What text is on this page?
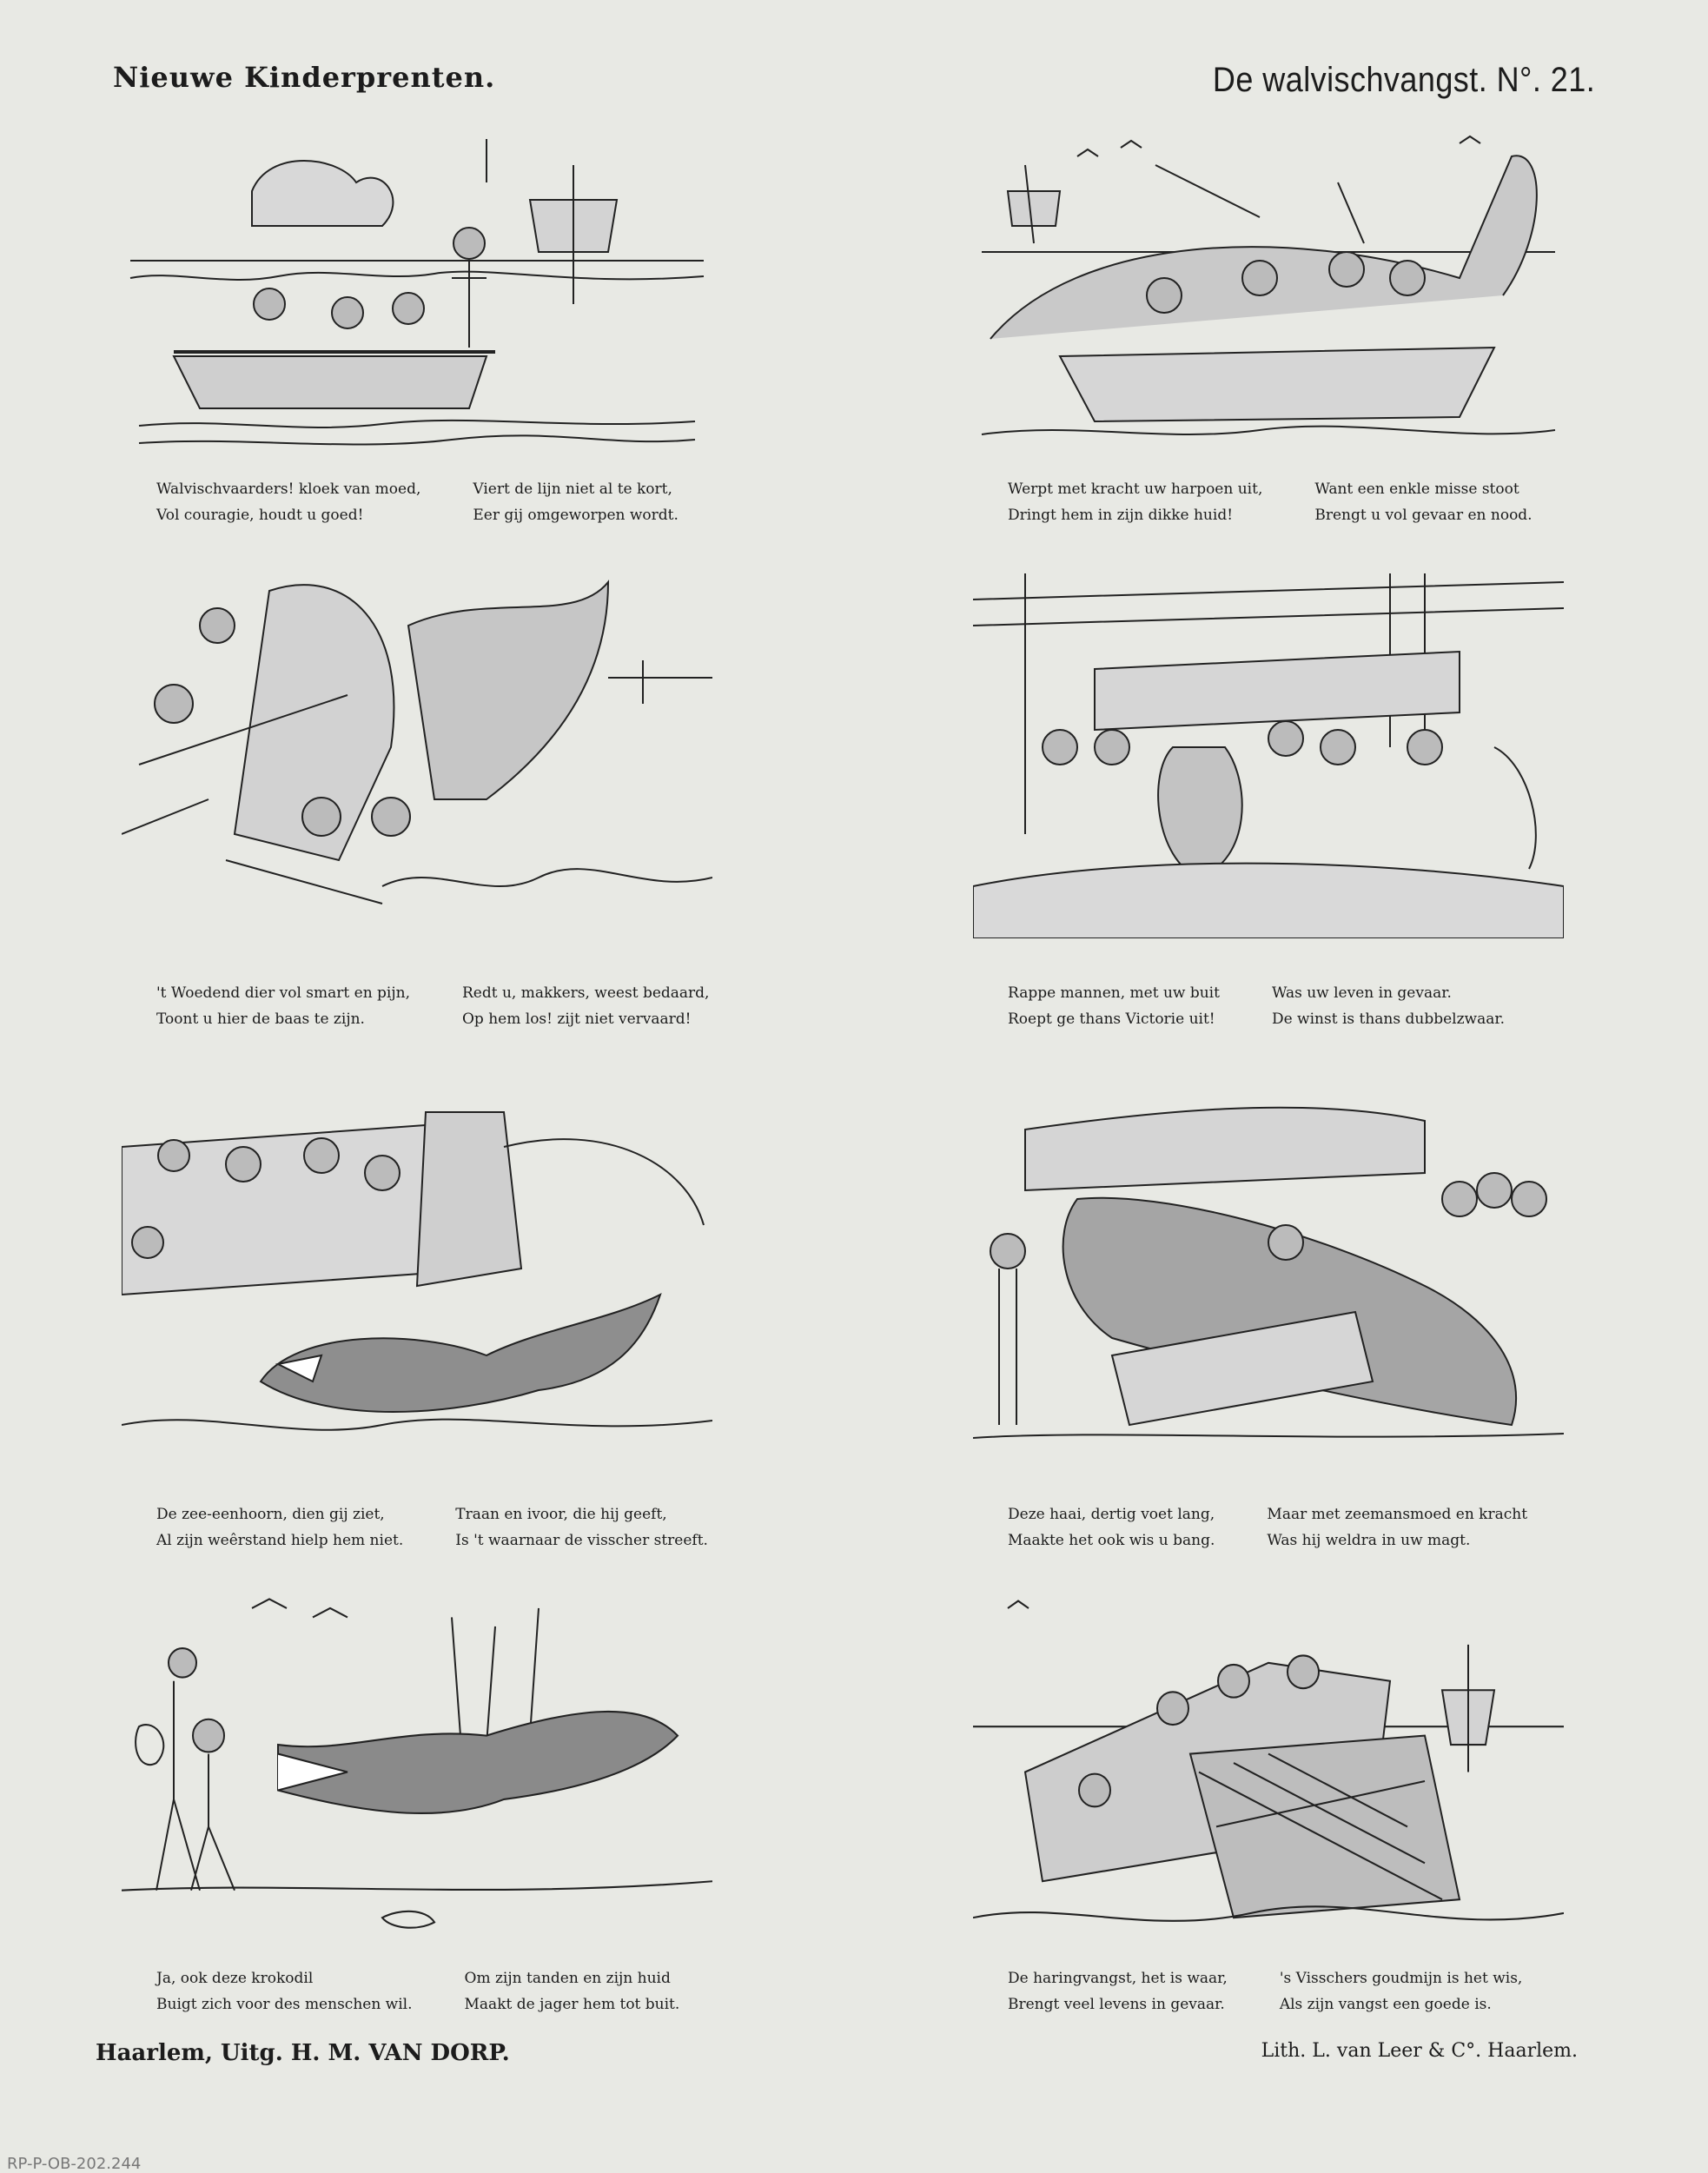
Nieuwe Kinderprenten.	De walvischvangst. N°. 21.
Walvischvaarders! kloek van moed,
Vol couragie, houdt u goed!
Viert de lijn niet al te kort,
Eer gij omgeworpen wordt.
Werpt met kracht uw harpoen uit,
Dringt hem in zijn dikke huid!
Want een enkle misse stoot
Brengt u vol gevaar en nood.
't Woedend dier vol smart en pijn,
Toont u hier de baas te zijn.
Redt u, makkers, weest bedaard,
Op hem los! zijt niet vervaard!
Rappe mannen, met uw buit
Roept ge thans Victorie uit!
Was uw leven in gevaar.
De winst is thans dubbelzwaar.
De zee-eenhoorn, dien gij ziet,
Al zijn weêrstand hielp hem niet.
Traan en ivoor, die hij geeft,
Is 't waarnaar de visscher streeft.
Deze haai, dertig voet lang,
Maakte het ook wis u bang.
Maar met zeemansmoed en kracht
Was hij weldra in uw magt.
Ja, ook deze krokodil
Buigt zich voor des menschen wil.
Om zijn tanden en zijn huid
Maakt de jager hem tot buit.
De haringvangst, het is waar,
Brengt veel levens in gevaar.
's Visschers goudmijn is het wis,
Als zijn vangst een goede is.
Haarlem, Uitg. H. M. VAN DORP.	Lith. L. van Leer & C°. Haarlem.
RP-P-OB-202.244
